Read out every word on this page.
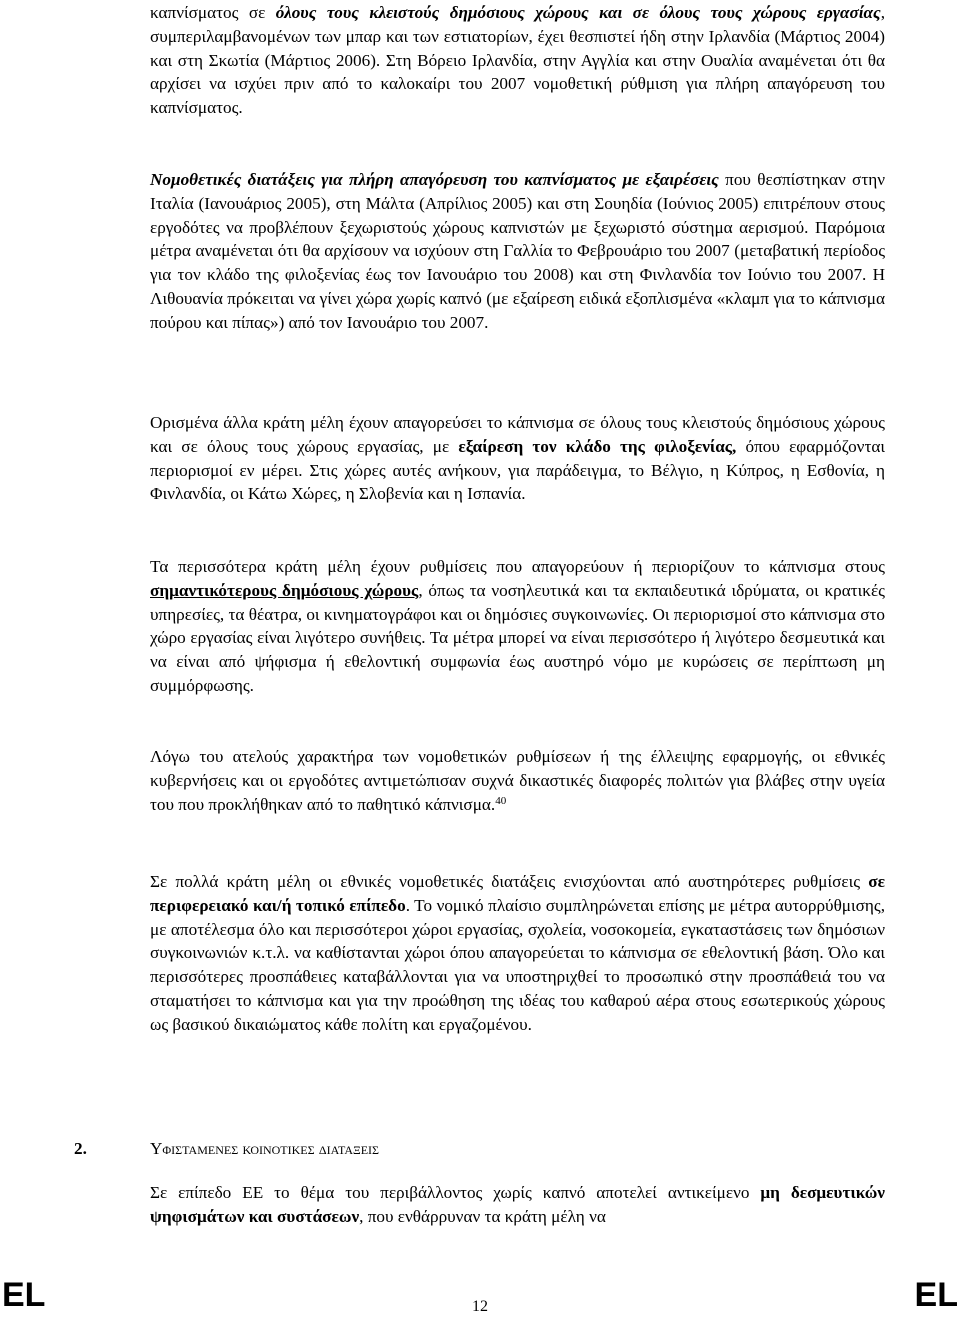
καπνίσματος σε όλους τους κλειστούς δημόσιους χώρους και σε όλους τους χώρους εργασίας, συμπεριλαμβανομένων των μπαρ και των εστιατορίων, έχει θεσπιστεί ήδη στην Ιρλανδία (Μάρτιος 2004) και στη Σκωτία (Μάρτιος 2006). Στη Βόρειο Ιρλανδία, στην Αγγλία και στην Ουαλία αναμένεται ότι θα αρχίσει να ισχύει πριν από το καλοκαίρι του 2007 νομοθετική ρύθμιση για πλήρη απαγόρευση του καπνίσματος.

Νομοθετικές διατάξεις για πλήρη απαγόρευση του καπνίσματος με εξαιρέσεις που θεσπίστηκαν στην Ιταλία (Ιανουάριος 2005), στη Μάλτα (Απρίλιος 2005) και στη Σουηδία (Ιούνιος 2005) επιτρέπουν στους εργοδότες να προβλέπουν ξεχωριστούς χώρους καπνιστών με ξεχωριστό σύστημα αερισμού. Παρόμοια μέτρα αναμένεται ότι θα αρχίσουν να ισχύουν στη Γαλλία το Φεβρουάριο του 2007 (μεταβατική περίοδος για τον κλάδο της φιλοξενίας έως τον Ιανουάριο του 2008) και στη Φινλανδία τον Ιούνιο του 2007. Η Λιθουανία πρόκειται να γίνει χώρα χωρίς καπνό (με εξαίρεση ειδικά εξοπλισμένα «κλαμπ για το κάπνισμα πούρου και πίπας») από τον Ιανουάριο του 2007.

Ορισμένα άλλα κράτη μέλη έχουν απαγορεύσει το κάπνισμα σε όλους τους κλειστούς δημόσιους χώρους και σε όλους τους χώρους εργασίας, με εξαίρεση τον κλάδο της φιλοξενίας, όπου εφαρμόζονται περιορισμοί εν μέρει. Στις χώρες αυτές ανήκουν, για παράδειγμα, το Βέλγιο, η Κύπρος, η Εσθονία, η Φινλανδία, οι Κάτω Χώρες, η Σλοβενία και η Ισπανία.

Τα περισσότερα κράτη μέλη έχουν ρυθμίσεις που απαγορεύουν ή περιορίζουν το κάπνισμα στους σημαντικότερους δημόσιους χώρους, όπως τα νοσηλευτικά και τα εκπαιδευτικά ιδρύματα, οι κρατικές υπηρεσίες, τα θέατρα, οι κινηματογράφοι και οι δημόσιες συγκοινωνίες. Οι περιορισμοί στο κάπνισμα στο χώρο εργασίας είναι λιγότερο συνήθεις. Τα μέτρα μπορεί να είναι περισσότερο ή λιγότερο δεσμευτικά και να είναι από ψήφισμα ή εθελοντική συμφωνία έως αυστηρό νόμο με κυρώσεις σε περίπτωση μη συμμόρφωσης.

Λόγω του ατελούς χαρακτήρα των νομοθετικών ρυθμίσεων ή της έλλειψης εφαρμογής, οι εθνικές κυβερνήσεις και οι εργοδότες αντιμετώπισαν συχνά δικαστικές διαφορές πολιτών για βλάβες στην υγεία του που προκλήθηκαν από το παθητικό κάπνισμα.$^{40}$

Σε πολλά κράτη μέλη οι εθνικές νομοθετικές διατάξεις ενισχύονται από αυστηρότερες ρυθμίσεις σε περιφερειακό και/ή τοπικό επίπεδο. Το νομικό πλαίσιο συμπληρώνεται επίσης με μέτρα αυτορρύθμισης, με αποτέλεσμα όλο και περισσότεροι χώροι εργασίας, σχολεία, νοσοκομεία, εγκαταστάσεις των δημόσιων συγκοινωνιών κ.τ.λ. να καθίστανται χώροι όπου απαγορεύεται το κάπνισμα σε εθελοντική βάση. Όλο και περισσότερες προσπάθειες καταβάλλονται για να υποστηριχθεί το προσωπικό στην προσπάθειά του να σταματήσει το κάπνισμα και για την προώθηση της ιδέας του καθαρού αέρα στους εσωτερικούς χώρους ως βασικού δικαιώματος κάθε πολίτη και εργαζομένου.

2.	Υφισταμενες κοινοτικες διαταξεις

Σε επίπεδο ΕΕ το θέμα του περιβάλλοντος χωρίς καπνό αποτελεί αντικείμενο μη δεσμευτικών ψηφισμάτων και συστάσεων, που ενθάρρυναν τα κράτη μέλη να

EL	12	EL
